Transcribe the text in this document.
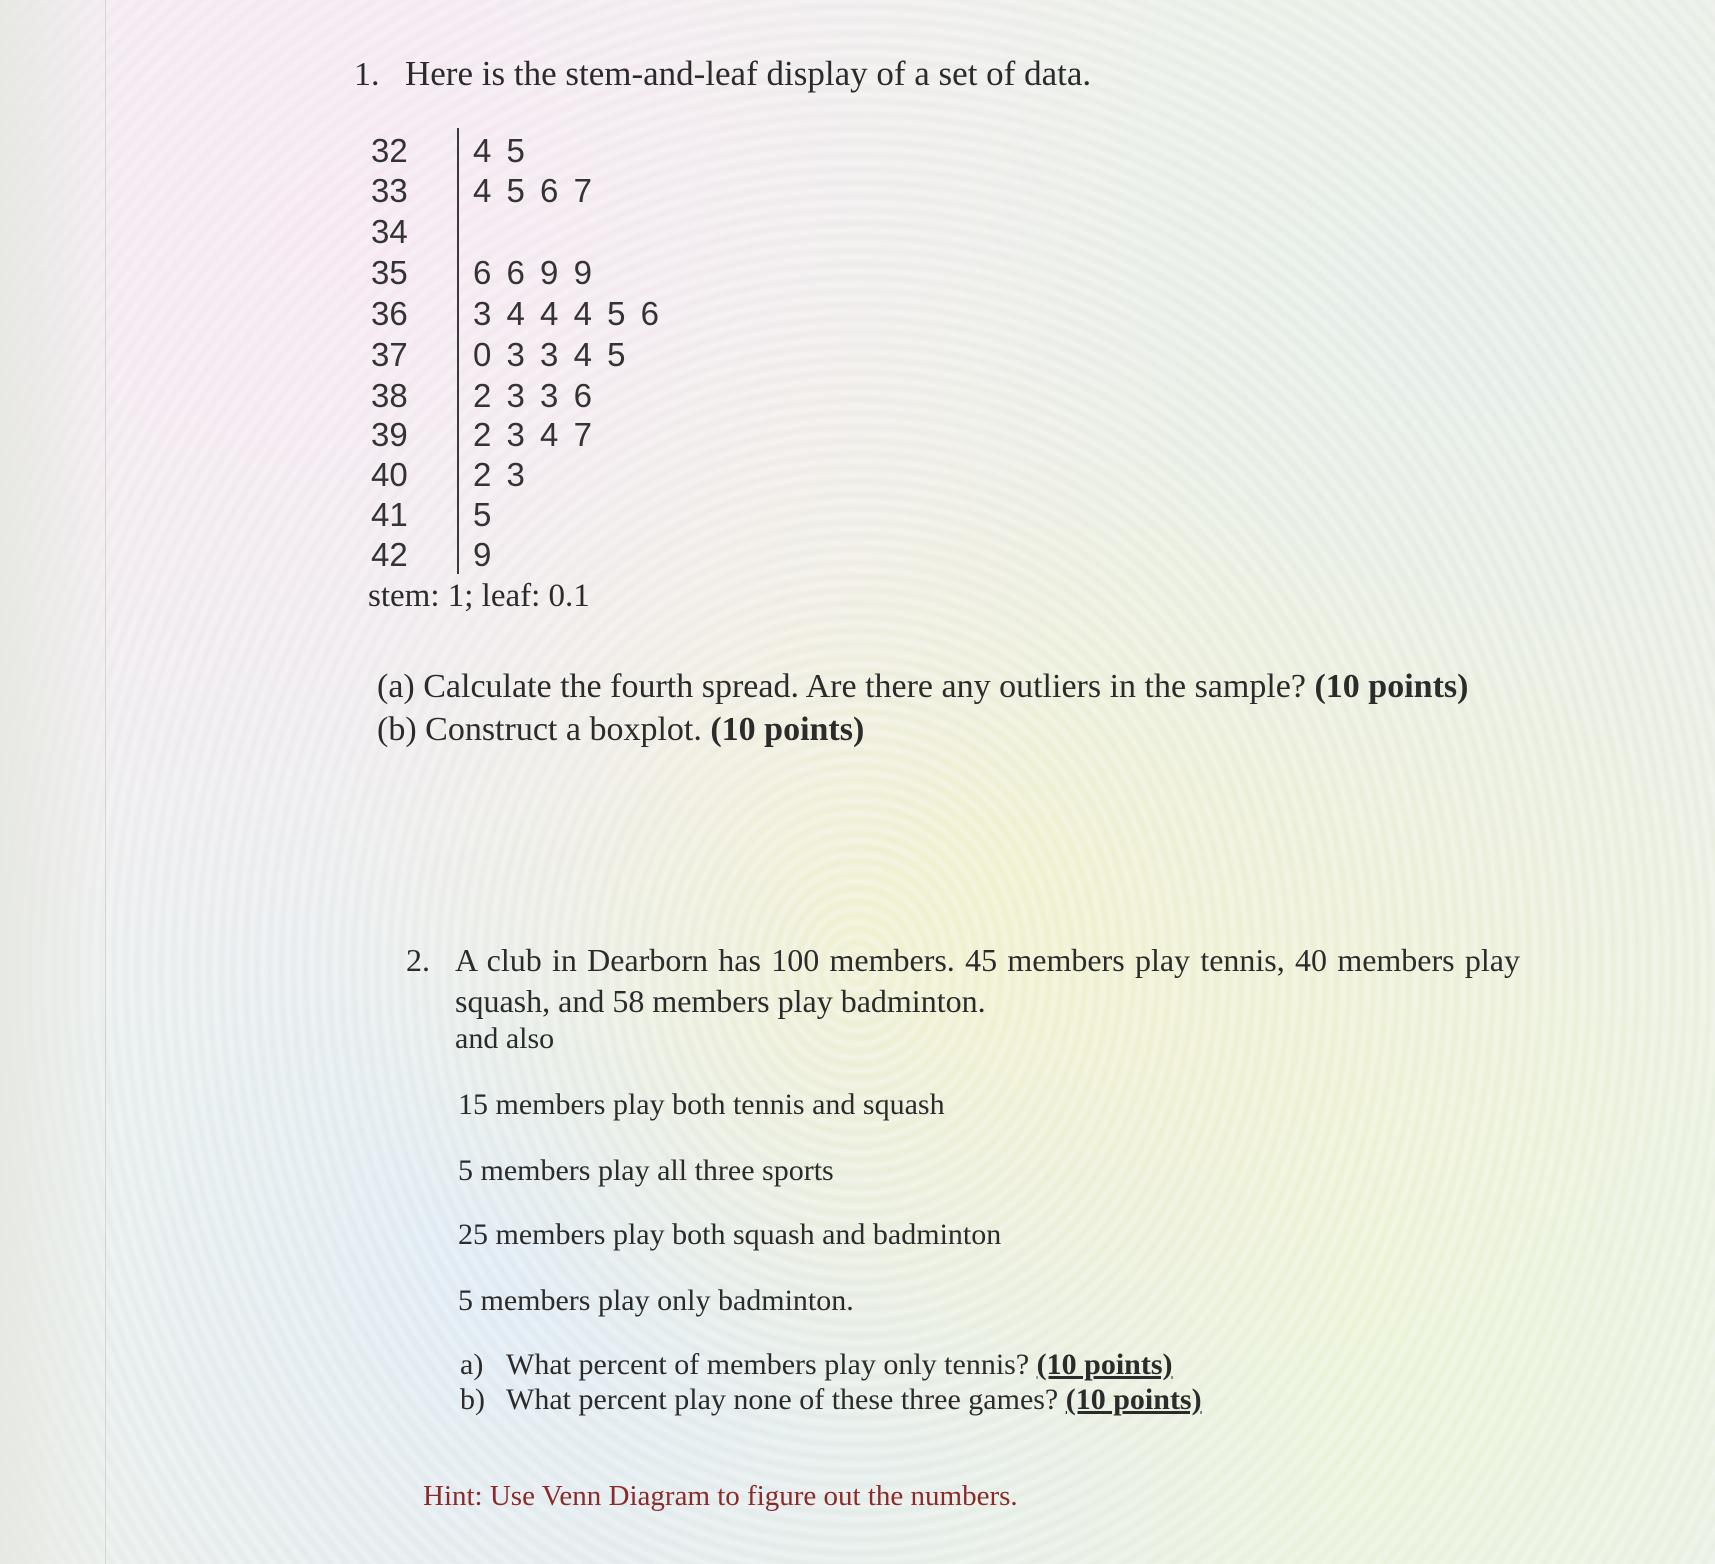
1. Here is the stem-and-leaf display of a set of data.
32 4 5
33 4 5 6 7
34
35 6 6 9 9
36 3 4 4 4 5 6
37 0 3 3 4 5
38 2 3 3 6
39 2 3 4 7
40 2 3
41 5
42 9
stem: 1; leaf: 0.1
(a) Calculate the fourth spread. Are there any outliers in the sample? (10 points)
(b) Construct a boxplot. (10 points)
2. A club in Dearborn has 100 members. 45 members play tennis, 40 members play
squash, and 58 members play badminton.
and also
15 members play both tennis and squash
5 members play all three sports
25 members play both squash and badminton
5 members play only badminton.
a) What percent of members play only tennis? (10 points)
b) What percent play none of these three games? (10 points)
Hint: Use Venn Diagram to figure out the numbers.
